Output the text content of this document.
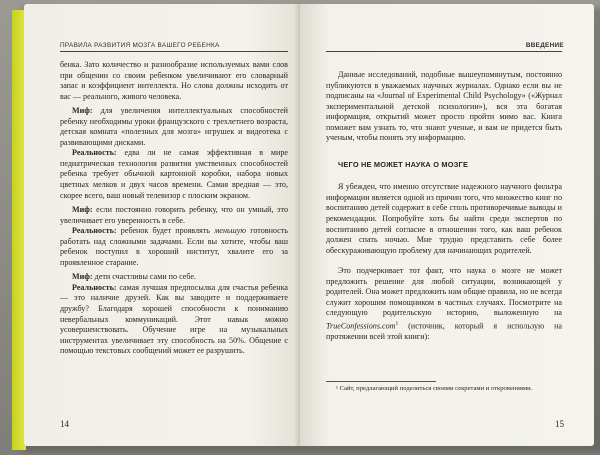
ПРАВИЛА РАЗВИТИЯ МОЗГА ВАШЕГО РЕБЕНКА

бенка. Зато количество и разнообразие используемых вами слов при общении со своим ребенком увеличивают его словарный запас и коэффициент интеллекта. Но слова должны исходить от вас — реального, живого человека.

Миф: для увеличения интеллектуальных способностей ребенку необходимы уроки французского с трехлетнего возраста, детская комната «полезных для мозга» игрушек и видеотека с развивающими дисками.

Реальность: едва ли не самая эффективная в мире педиатрическая технология развития умственных способностей ребенка требует обычной картонной коробки, набора новых цветных мелков и двух часов времени. Самая вредная — это, скорее всего, ваш новый телевизор с плоским экраном.

Миф: если постоянно говорить ребенку, что он умный, это увеличивает его уверенность в себе.

Реальность: ребенок будет проявлять меньшую готовность работать над сложными задачами. Если вы хотите, чтобы ваш ребенок поступил в хороший институт, хвалите его за проявленное старание.

Миф: дети счастливы сами по себе.

Реальность: самая лучшая предпосылка для счастья ребенка — это наличие друзей. Как вы заводите и поддерживаете дружбу? Благодаря хорошей способности к пониманию невербальных коммуникаций. Этот навык можно усовершенствовать. Обучение игре на музыкальных инструментах увеличивает эту способность на 50%. Общение с помощью текстовых сообщений может ее разрушить.

14
ВВЕДЕНИЕ

Данные исследований, подобные вышеупомянутым, постоянно публикуются в уважаемых научных журналах. Однако если вы не подписаны на «Journal of Experimental Child Psychology» («Журнал экспериментальной детской психологии»), вся эта богатая информация, открытий может просто пройти мимо вас. Книга поможет вам узнать то, что знают ученые, и вам не придется быть ученым, чтобы понять эту информацию.

ЧЕГО НЕ МОЖЕТ НАУКА О МОЗГЕ

Я убежден, что именно отсутствие надежного научного фильтра информации является одной из причин того, что множество книг по воспитанию детей содержит в себе столь противоречивые выводы и рекомендации. Попробуйте хоть бы найти среди экспертов по воспитанию детей согласие в отношении того, как ваш ребенок должен спать ночью. Мне трудно представить себе более обескураживающую проблему для начинающих родителей.

Это подчеркивает тот факт, что наука о мозге не может предложить решение для любой ситуации, возникающей у родителей. Она может предложить нам общие правила, но не всегда служит хорошим помощником в частных случаях. Посмотрите на следующую родительскую историю, выложенную на TrueConfessions.com$^1$ (источник, который я использую на протяжении всей этой книги):

¹ Сайт, предлагающий поделиться своими секретами и откровениями.
15
